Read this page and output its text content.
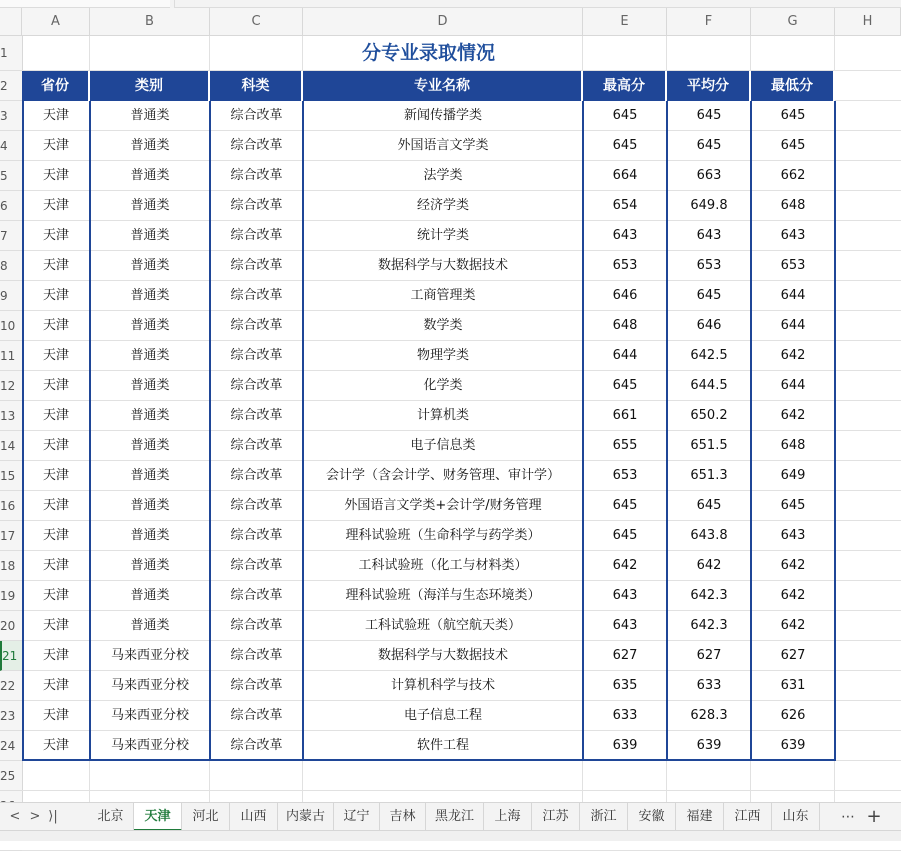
A	B	C	D	E	F	G	H
1
2
3
4
5
6
7
8
9
10
11
12
13
14
15
16
17
18
19
20
21
22
23
24
25
分专业录取情况
省份	类别	科类	专业名称	最高分	平均分	最低分
天津	普通类	综合改革	新闻传播学类	645	645	645
天津	普通类	综合改革	外国语言文学类	645	645	645
天津	普通类	综合改革	法学类	664	663	662
天津	普通类	综合改革	经济学类	654	649.8	648
天津	普通类	综合改革	统计学类	643	643	643
天津	普通类	综合改革	数据科学与大数据技术	653	653	653
天津	普通类	综合改革	工商管理类	646	645	644
天津	普通类	综合改革	数学类	648	646	644
天津	普通类	综合改革	物理学类	644	642.5	642
天津	普通类	综合改革	化学类	645	644.5	644
天津	普通类	综合改革	计算机类	661	650.2	642
天津	普通类	综合改革	电子信息类	655	651.5	648
天津	普通类	综合改革	会计学（含会计学、财务管理、审计学）	653	651.3	649
天津	普通类	综合改革	外国语言文学类+会计学/财务管理	645	645	645
天津	普通类	综合改革	理科试验班（生命科学与药学类）	645	643.8	643
天津	普通类	综合改革	工科试验班（化工与材料类）	642	642	642
天津	普通类	综合改革	理科试验班（海洋与生态环境类）	643	642.3	642
天津	普通类	综合改革	工科试验班（航空航天类）	643	642.3	642
天津	马来西亚分校	综合改革	数据科学与大数据技术	627	627	627
天津	马来西亚分校	综合改革	计算机科学与技术	635	633	631
天津	马来西亚分校	综合改革	电子信息工程	633	628.3	626
天津	马来西亚分校	综合改革	软件工程	639	639	639
< > ⟩|	北京	天津	河北	山西	内蒙古	辽宁	吉林	黑龙江	上海	江苏	浙江	安徽	福建	江西	山东	⋯ +
